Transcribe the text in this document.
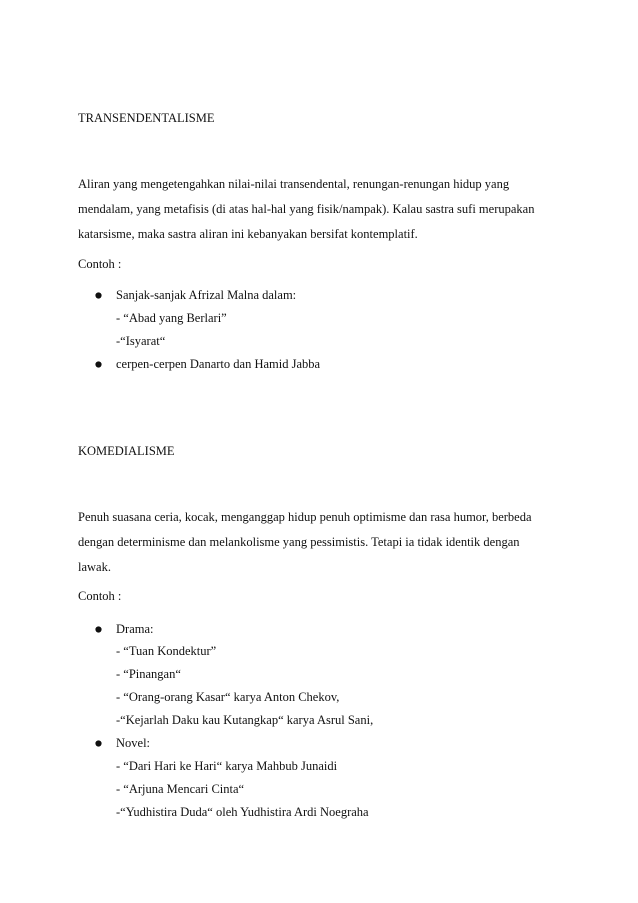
TRANSENDENTALISME
Aliran yang mengetengahkan nilai-nilai transendental, renungan-renungan hidup yang
mendalam, yang metafisis (di atas hal-hal yang fisik/nampak). Kalau sastra sufi merupakan
katarsisme, maka sastra aliran ini kebanyakan bersifat kontemplatif.
Contoh :
Sanjak-sanjak Afrizal Malna dalam:
- “Abad yang Berlari”
-“Isyarat“
cerpen-cerpen Danarto dan Hamid Jabba
KOMEDIALISME
Penuh suasana ceria, kocak, menganggap hidup penuh optimisme dan rasa humor, berbeda
dengan determinisme dan melankolisme yang pessimistis. Tetapi ia tidak identik dengan
lawak.
Contoh :
Drama:
- “Tuan Kondektur”
- “Pinangan“
- “Orang-orang Kasar“ karya Anton Chekov,
-“Kejarlah Daku kau Kutangkap“ karya Asrul Sani,
Novel:
- “Dari Hari ke Hari“ karya Mahbub Junaidi
- “Arjuna Mencari Cinta“
-“Yudhistira Duda“ oleh Yudhistira Ardi Noegraha
